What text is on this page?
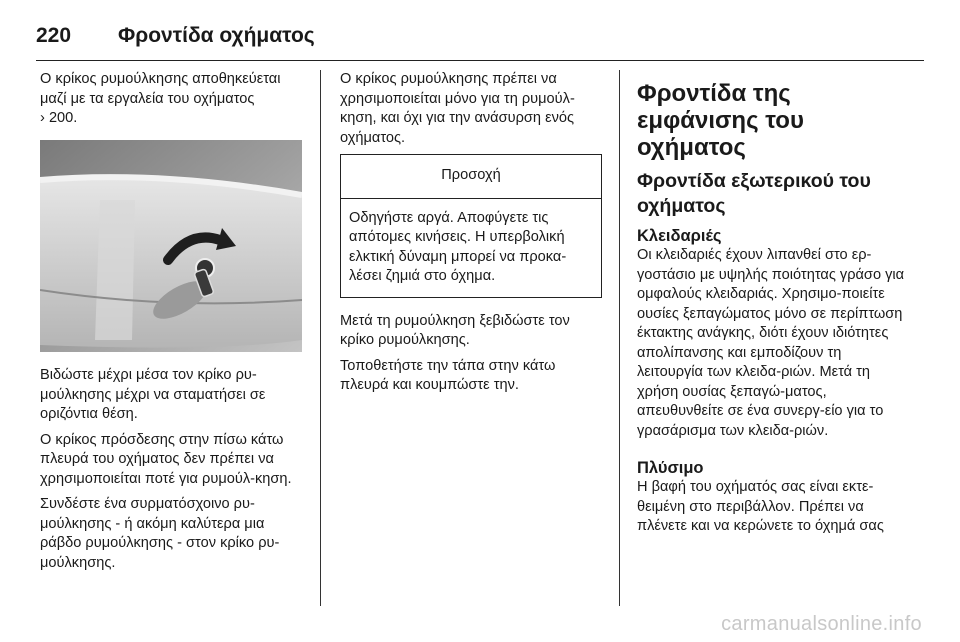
220	Φροντίδα οχήματος

Ο κρίκος ρυμούλκησης αποθηκεύεται μαζί με τα εργαλεία του οχήματος
› 200.

Βιδώστε μέχρι μέσα τον κρίκο ρυ-μούλκησης μέχρι να σταματήσει σε οριζόντια θέση.

Ο κρίκος πρόσδεσης στην πίσω κάτω πλευρά του οχήματος δεν πρέπει να χρησιμοποιείται ποτέ για ρυμούλ-κηση.

Συνδέστε ένα συρματόσχοινο ρυ-μούλκησης - ή ακόμη καλύτερα μια ράβδο ρυμούλκησης - στον κρίκο ρυ-μούλκησης.

Ο κρίκος ρυμούλκησης πρέπει να χρησιμοποιείται μόνο για τη ρυμούλ-κηση, και όχι για την ανάσυρση ενός οχήματος.

Προσοχή
Οδηγήστε αργά. Αποφύγετε τις απότομες κινήσεις. Η υπερβολική ελκτική δύναμη μπορεί να προκα-λέσει ζημιά στο όχημα.

Μετά τη ρυμούλκηση ξεβιδώστε τον κρίκο ρυμούλκησης.

Τοποθετήστε την τάπα στην κάτω πλευρά και κουμπώστε την.

Φροντίδα της εμφάνισης του οχήματος
Φροντίδα εξωτερικού του οχήματος
Κλειδαριές

Οι κλειδαριές έχουν λιπανθεί στο ερ-γοστάσιο με υψηλής ποιότητας γράσο για ομφαλούς κλειδαριάς. Χρησιμο-ποιείτε ουσίες ξεπαγώματος μόνο σε περίπτωση έκτακτης ανάγκης, διότι έχουν ιδιότητες απολίπανσης και εμποδίζουν τη λειτουργία των κλειδα-ριών. Μετά τη χρήση ουσίας ξεπαγώ-ματος, απευθυνθείτε σε ένα συνεργ-είο για το γρασάρισμα των κλειδα-ριών.

Πλύσιμο

Η βαφή του οχήματός σας είναι εκτε-θειμένη στο περιβάλλον. Πρέπει να πλένετε και να κερώνετε το όχημά σας

carmanualsonline.info
